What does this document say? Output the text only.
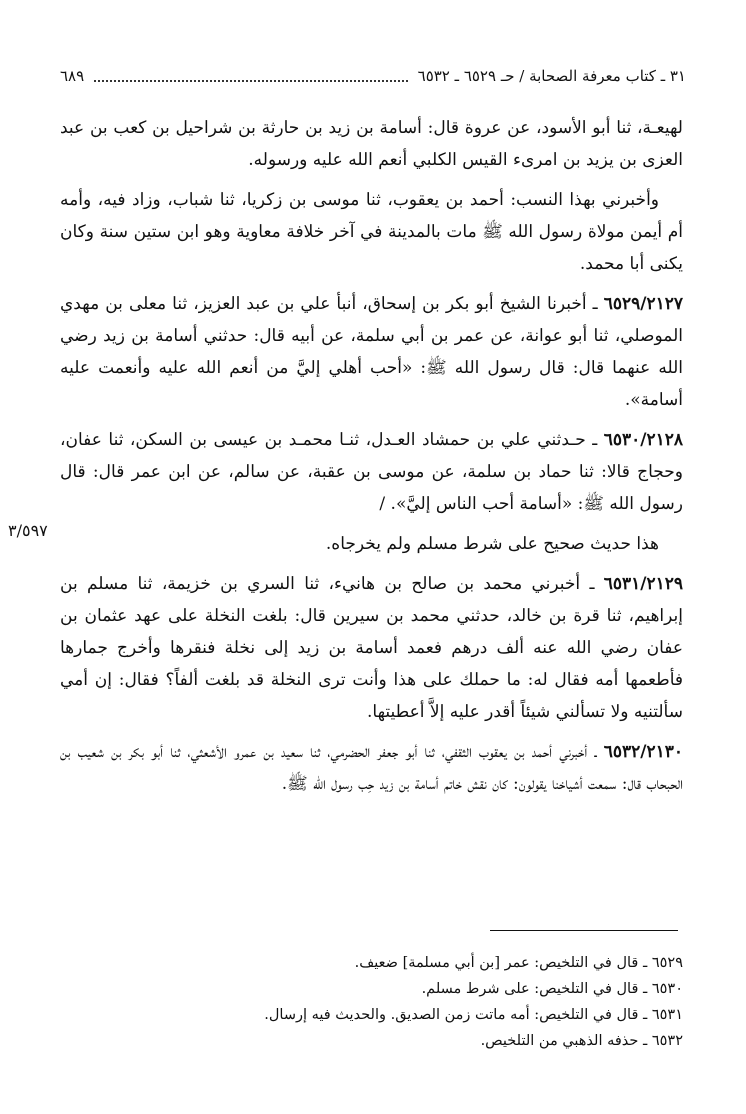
٣١ ـ كتاب معرفة الصحابة / حـ ٦٥٢٩ ـ ٦٥٣٢
٦٨٩
٣/٥٩٧

لهيعـة، ثنا أبو الأسود، عن عروة قال: أسامة بن زيد بن حارثة بن شراحيل بن كعب بن عبد العزى بن يزيد بن امرىء القيس الكلبي أنعم الله عليه ورسوله.

وأخبرني بهذا النسب: أحمد بن يعقوب، ثنا موسى بن زكريا، ثنا شباب، وزاد فيه، وأمه أم أيمن مولاة رسول الله ﷺ مات بالمدينة في آخر خلافة معاوية وهو ابن ستين سنة وكان يكنى أبا محمد.

٦٥٢٩/٢١٢٧ ـ أخبرنا الشيخ أبو بكر بن إسحاق، أنبأ علي بن عبد العزيز، ثنا معلى بن مهدي الموصلي، ثنا أبو عوانة، عن عمر بن أبي سلمة، عن أبيه قال: حدثني أسامة بن زيد رضي الله عنهما قال: قال رسول الله ﷺ: «أحب أهلي إليَّ من أنعم الله عليه وأنعمت عليه أسامة».

٦٥٣٠/٢١٢٨ ـ حـدثني علي بن حمشاد العـدل، ثنـا محمـد بن عيسى بن السكن، ثنا عفان، وحجاج قالا: ثنا حماد بن سلمة، عن موسى بن عقبة، عن سالم، عن ابن عمر قال: قال رسول الله ﷺ: «أسامة أحب الناس إليَّ». /

هذا حديث صحيح على شرط مسلم ولم يخرجاه.

٦٥٣١/٢١٢٩ ـ أخبرني محمد بن صالح بن هانيء، ثنا السري بن خزيمة، ثنا مسلم بن إبراهيم، ثنا قرة بن خالد، حدثني محمد بن سيرين قال: بلغت النخلة على عهد عثمان بن عفان رضي الله عنه ألف درهم فعمد أسامة بن زيد إلى نخلة فنقرها وأخرج جمارها فأطعمها أمه فقال له: ما حملك على هذا وأنت ترى النخلة قد بلغت ألفاً؟ فقال: إن أمي سألتنيه ولا تسألني شيئاً أقدر عليه إلاَّ أعطيتها.

٦٥٣٢/٢١٣٠ ـ أخبرني أحمد بن يعقوب الثقفي، ثنا أبو جعفر الحضرمي، ثنا سعيد بن عمرو الأشعثي، ثنا أبو بكر بن شعيب بن الحبحاب قال: سمعت أشياخنا يقولون: كان نقش خاتم أسامة بن زيد حِب رسول الله ﷺ.

٦٥٢٩ ـ قال في التلخيص: عمر [بن أبي مسلمة] ضعيف.

٦٥٣٠ ـ قال في التلخيص: على شرط مسلم.

٦٥٣١ ـ قال في التلخيص: أمه ماتت زمن الصديق. والحديث فيه إرسال.

٦٥٣٢ ـ حذفه الذهبي من التلخيص.
